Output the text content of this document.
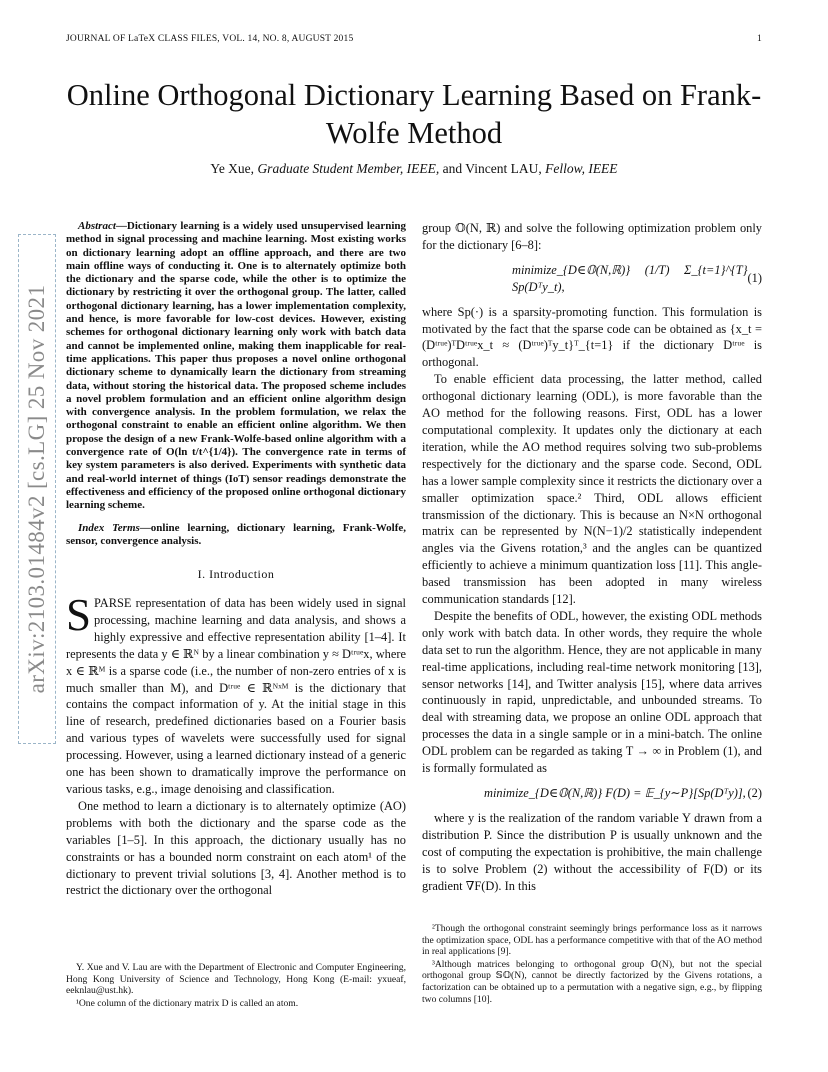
JOURNAL OF LaTeX CLASS FILES, VOL. 14, NO. 8, AUGUST 2015	1
Online Orthogonal Dictionary Learning Based on Frank-Wolfe Method
Ye Xue, Graduate Student Member, IEEE, and Vincent LAU, Fellow, IEEE
arXiv:2103.01484v2 [cs.LG] 25 Nov 2021

Abstract—Dictionary learning is a widely used unsupervised learning method in signal processing and machine learning. Most existing works on dictionary learning adopt an offline approach, and there are two main offline ways of conducting it. One is to alternately optimize both the dictionary and the sparse code, while the other is to optimize the dictionary by restricting it over the orthogonal group. The latter, called orthogonal dictionary learning, has a lower implementation complexity, and hence, is more favorable for low-cost devices. However, existing schemes for orthogonal dictionary learning only work with batch data and cannot be implemented online, making them inapplicable for real-time applications. This paper thus proposes a novel online orthogonal dictionary scheme to dynamically learn the dictionary from streaming data, without storing the historical data. The proposed scheme includes a novel problem formulation and an efficient online algorithm design with convergence analysis. In the problem formulation, we relax the orthogonal constraint to enable an efficient online algorithm. We then propose the design of a new Frank-Wolfe-based online algorithm with a convergence rate of O(ln t/t^{1/4}). The convergence rate in terms of key system parameters is also derived. Experiments with synthetic data and real-world internet of things (IoT) sensor readings demonstrate the effectiveness and efficiency of the proposed online orthogonal dictionary learning scheme.

Index Terms—online learning, dictionary learning, Frank-Wolfe, sensor, convergence analysis.

I. Introduction

SPARSE representation of data has been widely used in signal processing, machine learning and data analysis, and shows a highly expressive and effective representation ability [1–4]. It represents the data y ∈ ℝᴺ by a linear combination y ≈ Dᵗʳᵘᵉx, where x ∈ ℝᴹ is a sparse code (i.e., the number of non-zero entries of x is much smaller than M), and Dᵗʳᵘᵉ ∈ ℝᴺˣᴹ is the dictionary that contains the compact information of y. At the initial stage in this line of research, predefined dictionaries based on a Fourier basis and various types of wavelets were successfully used for signal processing. However, using a learned dictionary instead of a generic one has been shown to dramatically improve the performance on various tasks, e.g., image denoising and classification.

One method to learn a dictionary is to alternately optimize (AO) problems with both the dictionary and the sparse code as the variables [1–5]. In this approach, the dictionary usually has no constraints or has a bounded norm constraint on each atom¹ of the dictionary to prevent trivial solutions [3, 4]. Another method is to restrict the dictionary over the orthogonal

group 𝕆(N, ℝ) and solve the following optimization problem only for the dictionary [6–8]:

minimize_{D∈𝕆(N,ℝ)} (1/T) Σ_{t=1}^{T} Sp(Dᵀy_t),
(1)

where Sp(·) is a sparsity-promoting function. This formulation is motivated by the fact that the sparse code can be obtained as {x_t = (Dᵗʳᵘᵉ)ᵀDᵗʳᵘᵉx_t ≈ (Dᵗʳᵘᵉ)ᵀy_t}ᵀ_{t=1} if the dictionary Dᵗʳᵘᵉ is orthogonal.

To enable efficient data processing, the latter method, called orthogonal dictionary learning (ODL), is more favorable than the AO method for the following reasons. First, ODL has a lower computational complexity. It updates only the dictionary at each iteration, while the AO method requires solving two sub-problems respectively for the dictionary and the sparse code. Second, ODL has a lower sample complexity since it restricts the dictionary over a smaller optimization space.² Third, ODL allows efficient transmission of the dictionary. This is because an N×N orthogonal matrix can be represented by N(N−1)/2 statistically independent angles via the Givens rotation,³ and the angles can be quantized efficiently to achieve a minimum quantization loss [11]. This angle-based transmission has been adopted in many wireless communication standards [12].

Despite the benefits of ODL, however, the existing ODL methods only work with batch data. In other words, they require the whole data set to run the algorithm. Hence, they are not applicable in many real-time applications, including real-time network monitoring [13], sensor networks [14], and Twitter analysis [15], where data arrives continuously in rapid, unpredictable, and unbounded streams. To deal with streaming data, we propose an online ODL approach that processes the data in a single sample or in a mini-batch. The online ODL problem can be regarded as taking T → ∞ in Problem (1), and is formally formulated as

minimize_{D∈𝕆(N,ℝ)} F(D) = 𝔼_{y∼P}[Sp(Dᵀy)], (2)

where y is the realization of the random variable Y drawn from a distribution P. Since the distribution P is usually unknown and the cost of computing the expectation is prohibitive, the main challenge is to solve Problem (2) without the accessibility of F(D) or its gradient ∇F(D). In this

Y. Xue and V. Lau are with the Department of Electronic and Computer Engineering, Hong Kong University of Science and Technology, Hong Kong (E-mail: yxueaf, eeknlau@ust.hk).

¹One column of the dictionary matrix D is called an atom.

²Though the orthogonal constraint seemingly brings performance loss as it narrows the optimization space, ODL has a performance competitive with that of the AO method in real applications [9].

³Although matrices belonging to orthogonal group 𝕆(N), but not the special orthogonal group 𝕊𝕆(N), cannot be directly factorized by the Givens rotations, a factorization can be obtained up to a permutation with a negative sign, e.g., by flipping two columns [10].
